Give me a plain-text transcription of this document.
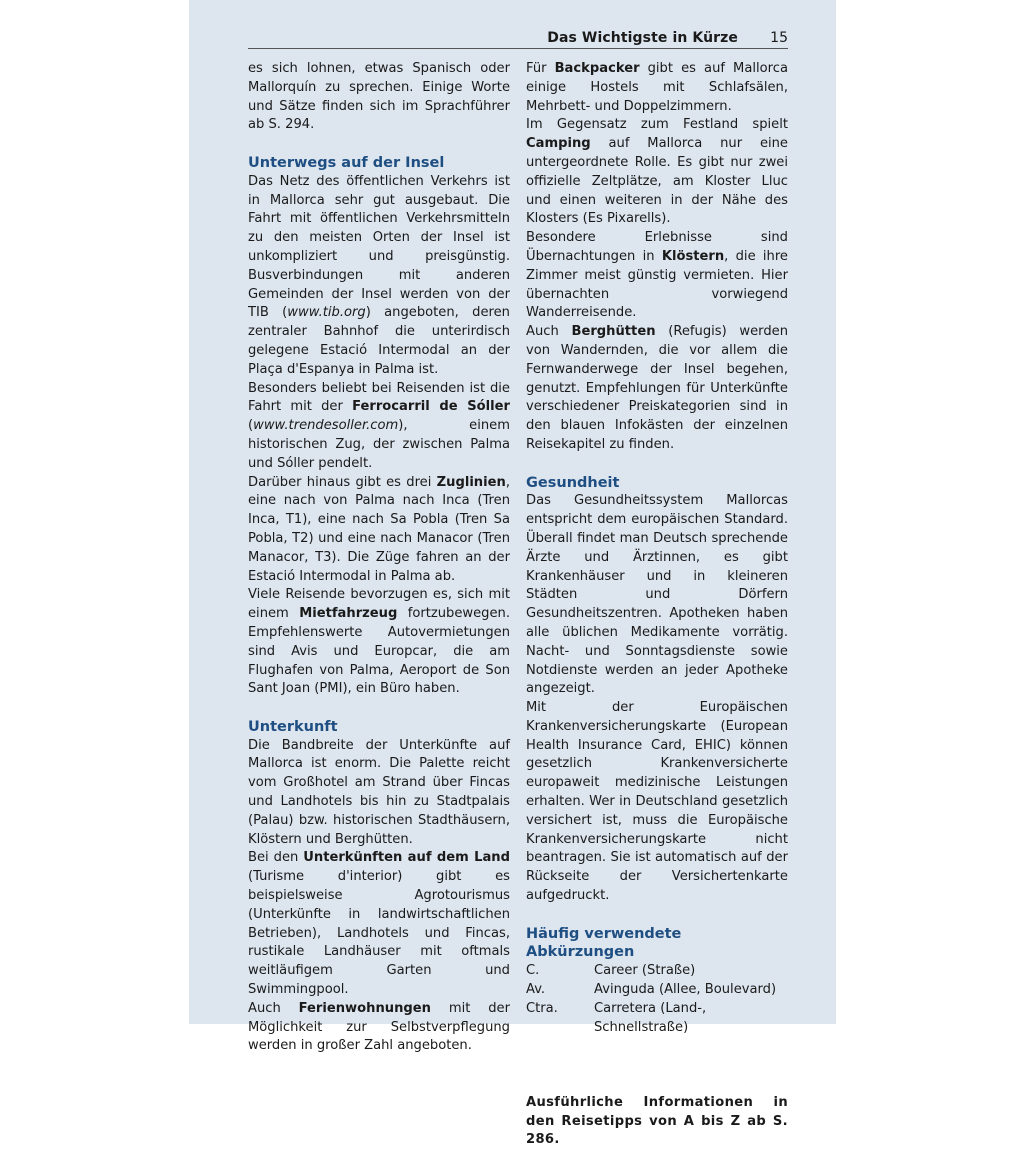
Das Wichtigste in Kürze 15

es sich lohnen, etwas Spanisch oder Mallorquín zu sprechen. Einige Worte und Sätze finden sich im Sprachführer ab S. 294.

Unterwegs auf der Insel

Das Netz des öffentlichen Verkehrs ist in Mallorca sehr gut ausgebaut. Die Fahrt mit öffentlichen Verkehrsmitteln zu den meisten Orten der Insel ist unkompliziert und preisgünstig. Busverbindungen mit anderen Gemeinden der Insel werden von der TIB (www.tib.org) angeboten, deren zentraler Bahnhof die unterirdisch gelegene Estació Intermodal an der Plaça d'Espanya in Palma ist.

Besonders beliebt bei Reisenden ist die Fahrt mit der Ferrocarril de Sóller (www.trendesoller.com), einem historischen Zug, der zwischen Palma und Sóller pendelt.

Darüber hinaus gibt es drei Zuglinien, eine nach von Palma nach Inca (Tren Inca, T1), eine nach Sa Pobla (Tren Sa Pobla, T2) und eine nach Manacor (Tren Manacor, T3). Die Züge fahren an der Estació Intermodal in Palma ab.

Viele Reisende bevorzugen es, sich mit einem Mietfahrzeug fortzubewegen. Empfehlenswerte Autovermietungen sind Avis und Europcar, die am Flughafen von Palma, Aeroport de Son Sant Joan (PMI), ein Büro haben.

Unterkunft

Die Bandbreite der Unterkünfte auf Mallorca ist enorm. Die Palette reicht vom Großhotel am Strand über Fincas und Landhotels bis hin zu Stadtpalais (Palau) bzw. historischen Stadthäusern, Klöstern und Berghütten.

Bei den Unterkünften auf dem Land (Turisme d'interior) gibt es beispielsweise Agrotourismus (Unterkünfte in landwirtschaftlichen Betrieben), Landhotels und Fincas, rustikale Landhäuser mit oftmals weitläufigem Garten und Swimmingpool.

Auch Ferienwohnungen mit der Möglichkeit zur Selbstverpflegung werden in großer Zahl angeboten.

Für Backpacker gibt es auf Mallorca einige Hostels mit Schlafsälen, Mehrbett- und Doppelzimmern.

Im Gegensatz zum Festland spielt Camping auf Mallorca nur eine untergeordnete Rolle. Es gibt nur zwei offizielle Zeltplätze, am Kloster Lluc und einen weiteren in der Nähe des Klosters (Es Pixarells).

Besondere Erlebnisse sind Übernachtungen in Klöstern, die ihre Zimmer meist günstig vermieten. Hier übernachten vorwiegend Wanderreisende.

Auch Berghütten (Refugis) werden von Wandernden, die vor allem die Fernwanderwege der Insel begehen, genutzt. Empfehlungen für Unterkünfte verschiedener Preiskategorien sind in den blauen Infokästen der einzelnen Reisekapitel zu finden.

Gesundheit

Das Gesundheitssystem Mallorcas entspricht dem europäischen Standard. Überall findet man Deutsch sprechende Ärzte und Ärztinnen, es gibt Krankenhäuser und in kleineren Städten und Dörfern Gesundheitszentren. Apotheken haben alle üblichen Medikamente vorrätig. Nacht- und Sonntagsdienste sowie Notdienste werden an jeder Apotheke angezeigt.

Mit der Europäischen Krankenversicherungskarte (European Health Insurance Card, EHIC) können gesetzlich Krankenversicherte europaweit medizinische Leistungen erhalten. Wer in Deutschland gesetzlich versichert ist, muss die Europäische Krankenversicherungskarte nicht beantragen. Sie ist automatisch auf der Rückseite der Versichertenkarte aufgedruckt.

Häufig verwendete Abkürzungen
C.	Career (Straße)
Av.	Avinguda (Allee, Boulevard)
Ctra.	Carretera (Land-, Schnellstraße)

Ausführliche Informationen in den Reisetipps von A bis Z ab S. 286.
